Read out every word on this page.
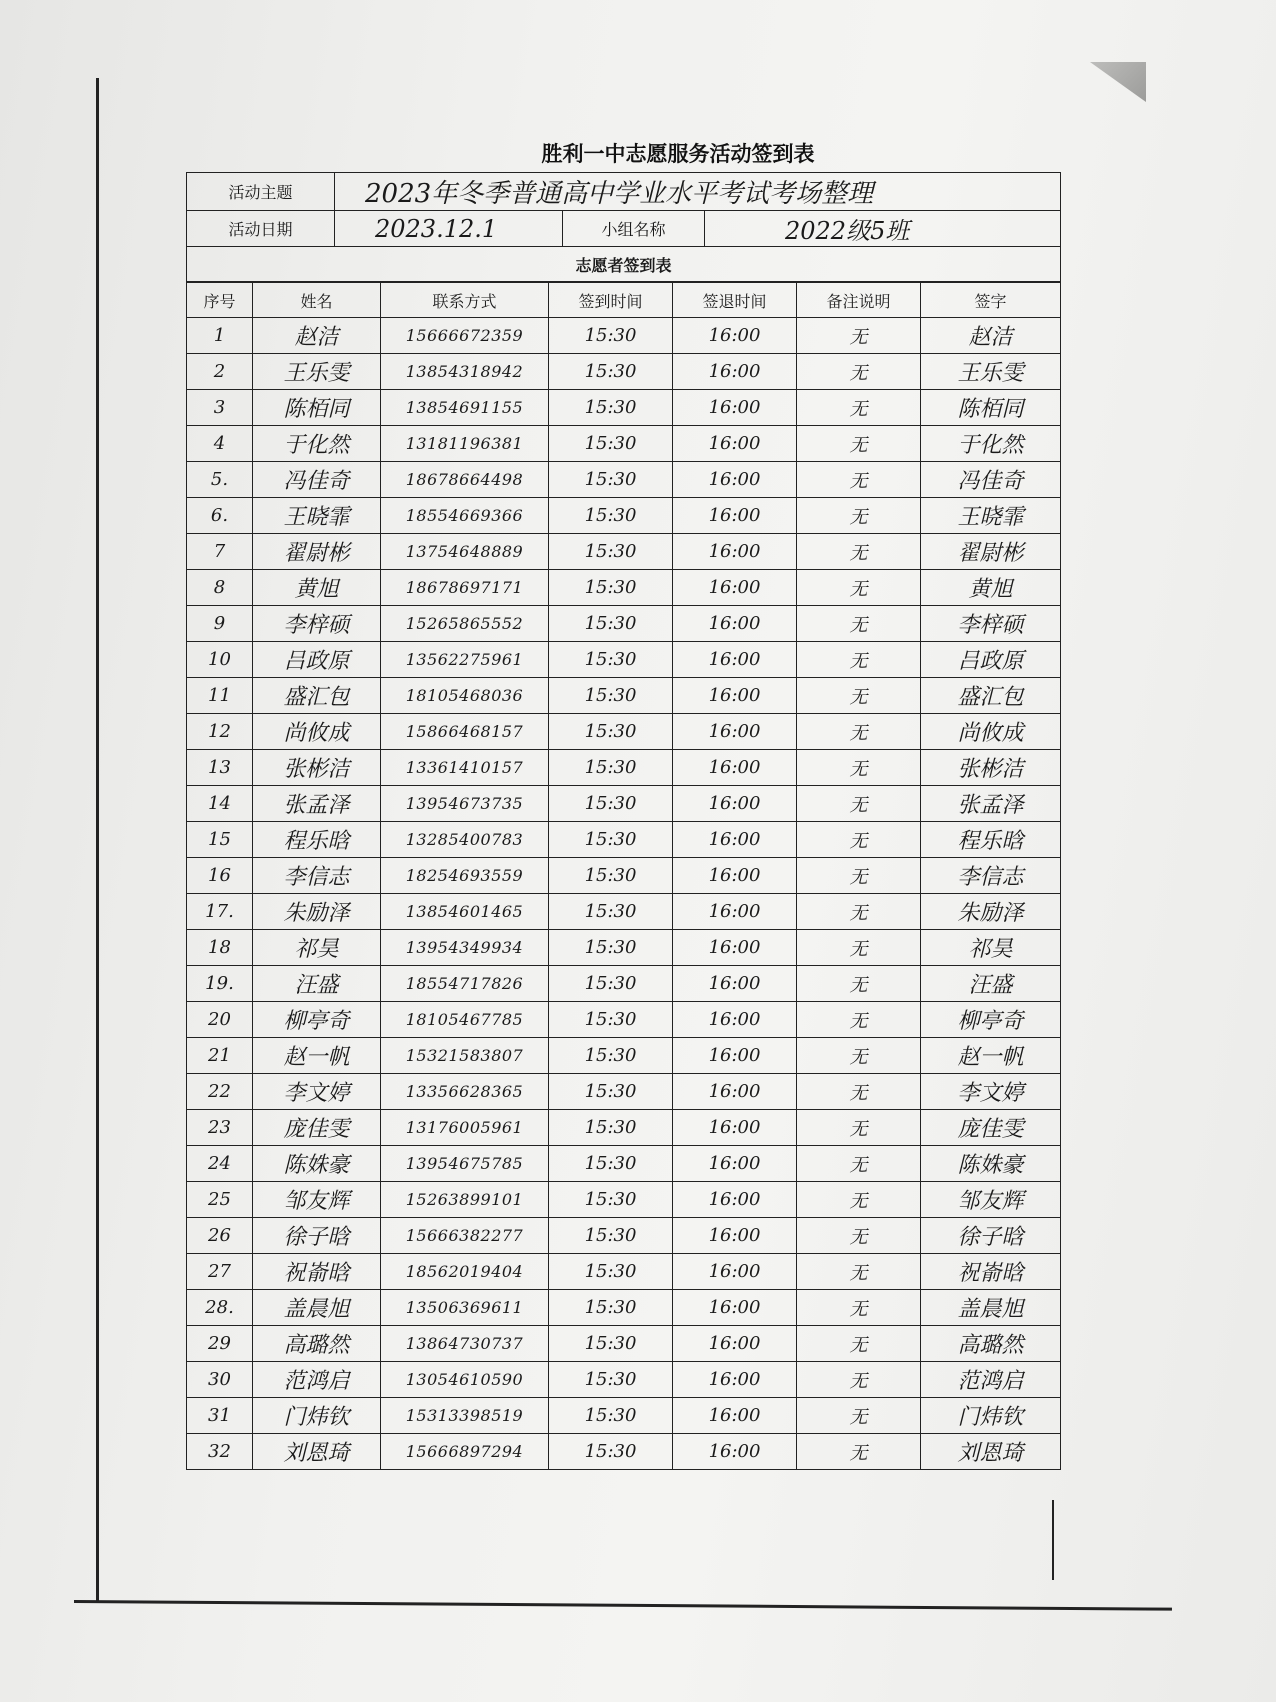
胜利一中志愿服务活动签到表
活动主题	2023年冬季普通高中学业水平考试考场整理		
活动日期	2023.12.1	小组名称	2022级5班
志愿者签到表			
序号	姓名	联系方式	签到时间	签退时间	备注说明	签字
1	赵洁	15666672359	15:30	16:00	无	赵洁
2	王乐雯	13854318942	15:30	16:00	无	王乐雯
3	陈栢同	13854691155	15:30	16:00	无	陈栢同
4	于化然	13181196381	15:30	16:00	无	于化然
5.	冯佳奇	18678664498	15:30	16:00	无	冯佳奇
6.	王晓霏	18554669366	15:30	16:00	无	王晓霏
7	翟尉彬	13754648889	15:30	16:00	无	翟尉彬
8	黄旭	18678697171	15:30	16:00	无	黄旭
9	李梓硕	15265865552	15:30	16:00	无	李梓硕
10	吕政原	13562275961	15:30	16:00	无	吕政原
11	盛汇包	18105468036	15:30	16:00	无	盛汇包
12	尚攸成	15866468157	15:30	16:00	无	尚攸成
13	张彬洁	13361410157	15:30	16:00	无	张彬洁
14	张孟泽	13954673735	15:30	16:00	无	张孟泽
15	程乐晗	13285400783	15:30	16:00	无	程乐晗
16	李信志	18254693559	15:30	16:00	无	李信志
17.	朱励泽	13854601465	15:30	16:00	无	朱励泽
18	祁昊	13954349934	15:30	16:00	无	祁昊
19.	汪盛	18554717826	15:30	16:00	无	汪盛
20	柳亭奇	18105467785	15:30	16:00	无	柳亭奇
21	赵一帆	15321583807	15:30	16:00	无	赵一帆
22	李文婷	13356628365	15:30	16:00	无	李文婷
23	庞佳雯	13176005961	15:30	16:00	无	庞佳雯
24	陈姝豪	13954675785	15:30	16:00	无	陈姝豪
25	邹友辉	15263899101	15:30	16:00	无	邹友辉
26	徐子晗	15666382277	15:30	16:00	无	徐子晗
27	祝嵛晗	18562019404	15:30	16:00	无	祝嵛晗
28.	盖晨旭	13506369611	15:30	16:00	无	盖晨旭
29	高璐然	13864730737	15:30	16:00	无	高璐然
30	范鸿启	13054610590	15:30	16:00	无	范鸿启
31	门炜钦	15313398519	15:30	16:00	无	门炜钦
32	刘恩琦	15666897294	15:30	16:00	无	刘恩琦
